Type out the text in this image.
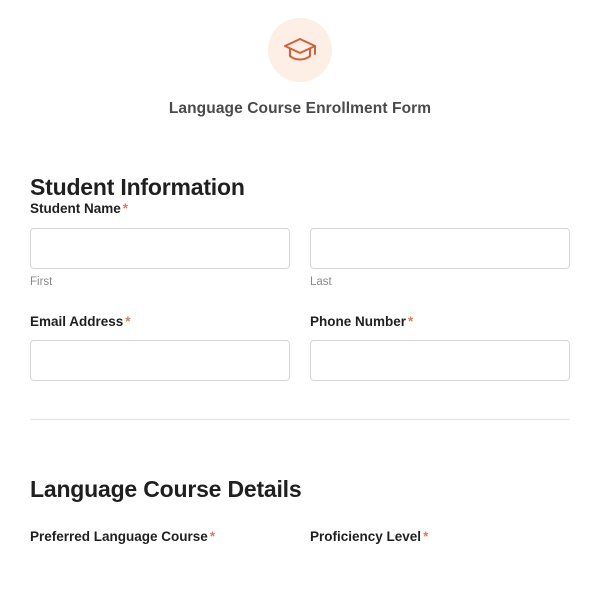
Language Course Enrollment Form
Student Information
Student Name *
First	Last
Email Address *	Phone Number *
Language Course Details
Preferred Language Course *	Proficiency Level *
